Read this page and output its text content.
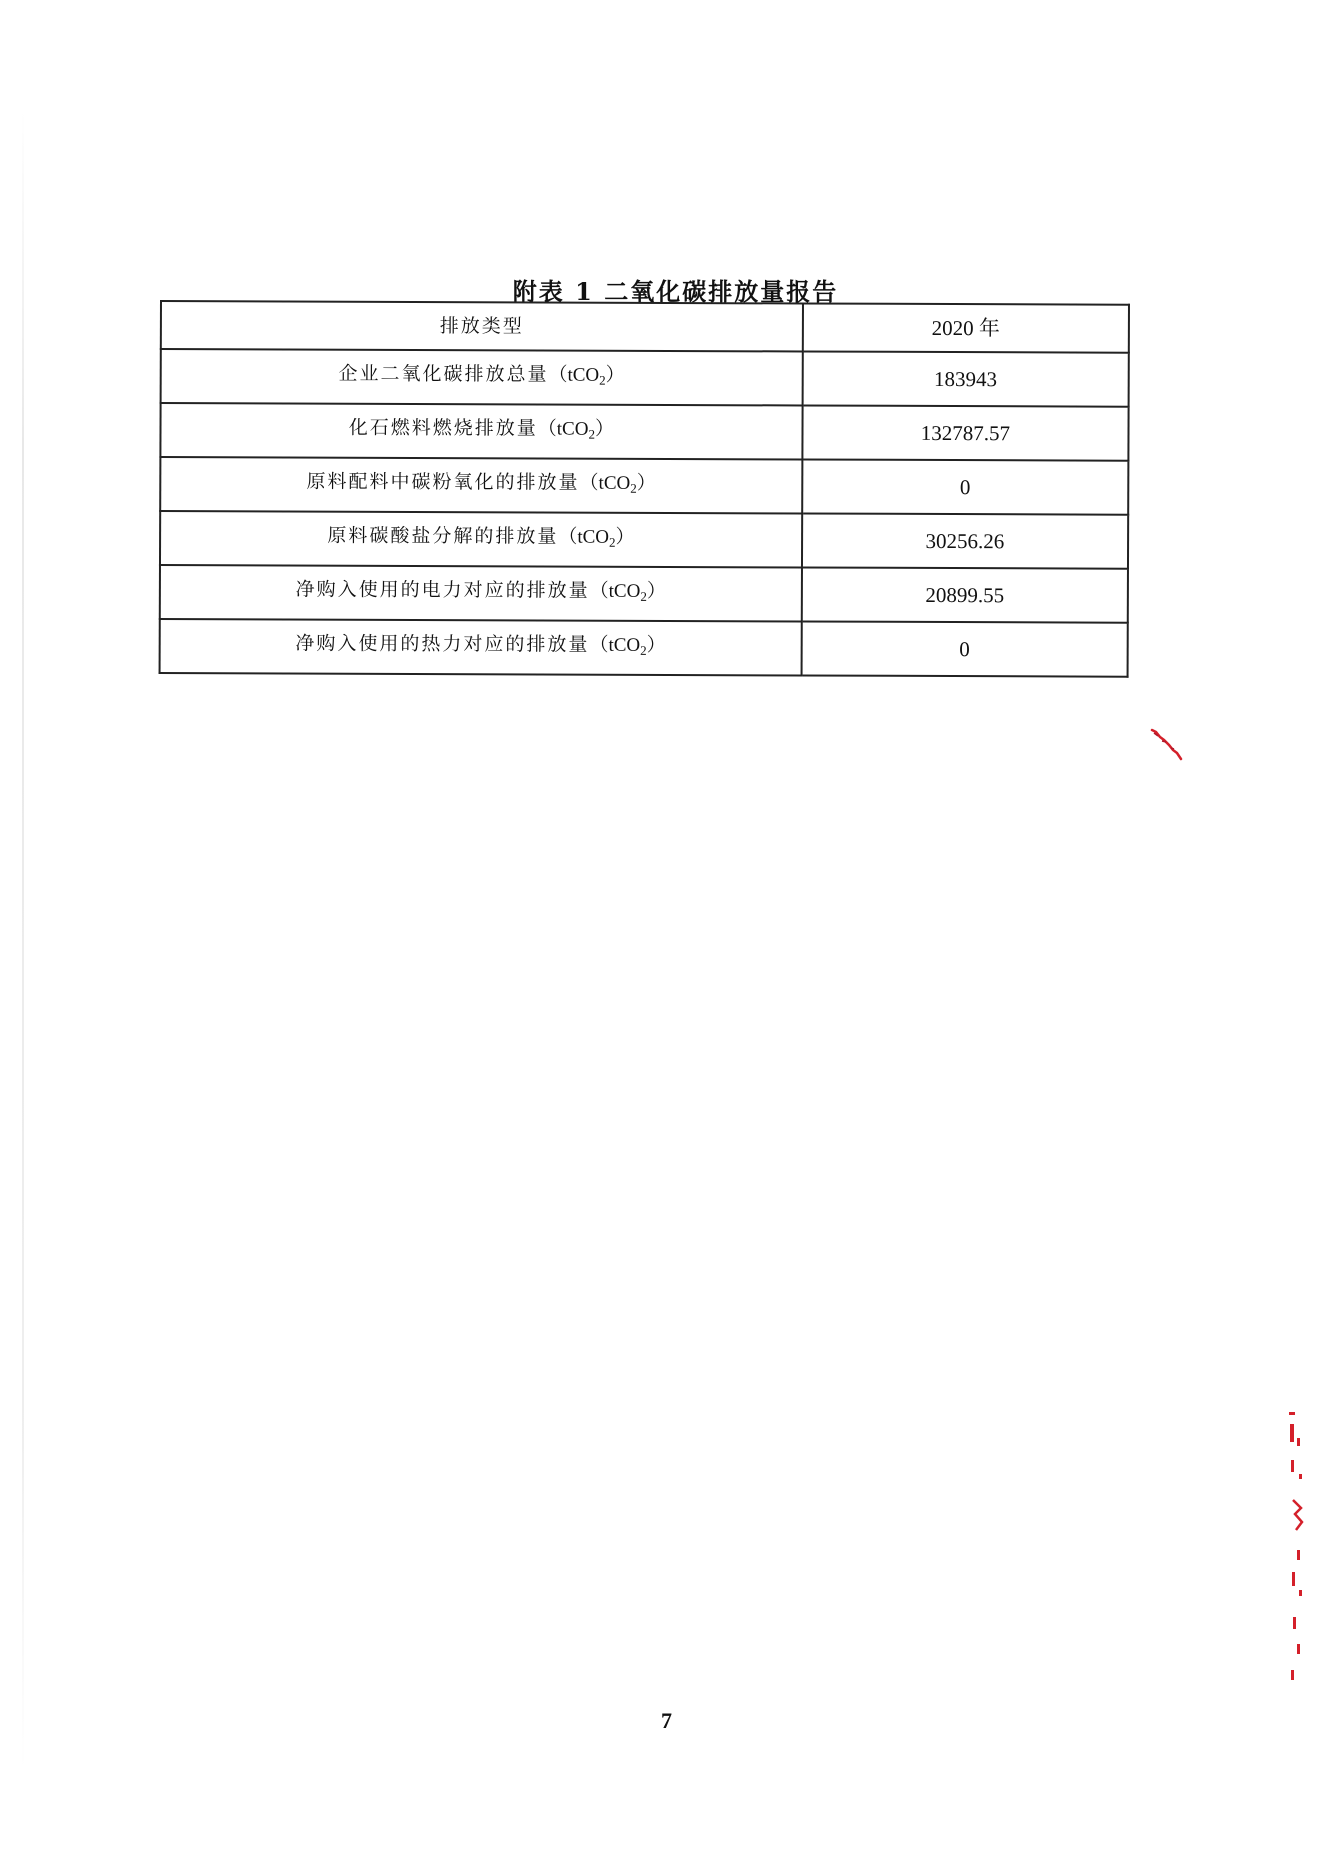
附表 1 二氧化碳排放量报告
排放类型	2020 年
企业二氧化碳排放总量（tCO$_2$）	183943
化石燃料燃烧排放量（tCO$_2$）	132787.57
原料配料中碳粉氧化的排放量（tCO$_2$）	0
原料碳酸盐分解的排放量（tCO$_2$）	30256.26
净购入使用的电力对应的排放量（tCO$_2$）	20899.55
净购入使用的热力对应的排放量（tCO$_2$）	0
7
